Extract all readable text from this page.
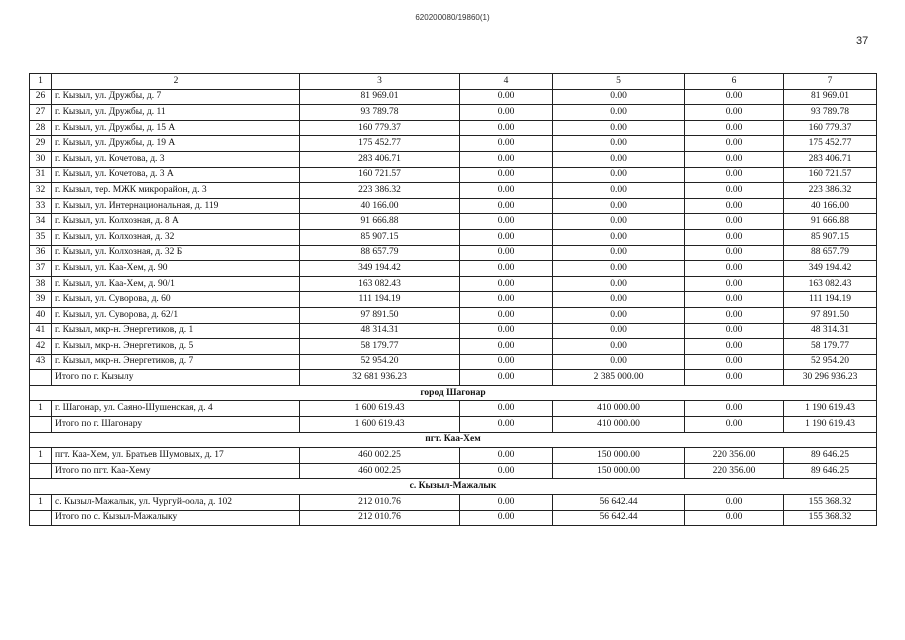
620200080/19860(1)
37
1	2	3	4	5	6	7
26	г. Кызыл, ул. Дружбы, д. 7	81 969.01	0.00	0.00	0.00	81 969.01
27	г. Кызыл, ул. Дружбы, д. 11	93 789.78	0.00	0.00	0.00	93 789.78
28	г. Кызыл, ул. Дружбы, д. 15 А	160 779.37	0.00	0.00	0.00	160 779.37
29	г. Кызыл, ул. Дружбы, д. 19 А	175 452.77	0.00	0.00	0.00	175 452.77
30	г. Кызыл, ул. Кочетова, д. 3	283 406.71	0.00	0.00	0.00	283 406.71
31	г. Кызыл, ул. Кочетова, д. 3 А	160 721.57	0.00	0.00	0.00	160 721.57
32	г. Кызыл, тер. МЖК микрорайон, д. 3	223 386.32	0.00	0.00	0.00	223 386.32
33	г. Кызыл, ул. Интернациональная, д. 119	40 166.00	0.00	0.00	0.00	40 166.00
34	г. Кызыл, ул. Колхозная, д. 8 А	91 666.88	0.00	0.00	0.00	91 666.88
35	г. Кызыл, ул. Колхозная, д. 32	85 907.15	0.00	0.00	0.00	85 907.15
36	г. Кызыл, ул. Колхозная, д. 32 Б	88 657.79	0.00	0.00	0.00	88 657.79
37	г. Кызыл, ул. Каа-Хем, д. 90	349 194.42	0.00	0.00	0.00	349 194.42
38	г. Кызыл, ул. Каа-Хем, д. 90/1	163 082.43	0.00	0.00	0.00	163 082.43
39	г. Кызыл, ул. Суворова, д. 60	111 194.19	0.00	0.00	0.00	111 194.19
40	г. Кызыл, ул. Суворова, д. 62/1	97 891.50	0.00	0.00	0.00	97 891.50
41	г. Кызыл, мкр-н. Энергетиков, д. 1	48 314.31	0.00	0.00	0.00	48 314.31
42	г. Кызыл, мкр-н. Энергетиков, д. 5	58 179.77	0.00	0.00	0.00	58 179.77
43	г. Кызыл, мкр-н. Энергетиков, д. 7	52 954.20	0.00	0.00	0.00	52 954.20
	Итого по г. Кызылу	32 681 936.23	0.00	2 385 000.00	0.00	30 296 936.23
город Шагонар						
1	г. Шагонар, ул. Саяно-Шушенская, д. 4	1 600 619.43	0.00	410 000.00	0.00	1 190 619.43
	Итого по г. Шагонару	1 600 619.43	0.00	410 000.00	0.00	1 190 619.43
пгт. Каа-Хем						
1	пгт. Каа-Хем, ул. Братьев Шумовых, д. 17	460 002.25	0.00	150 000.00	220 356.00	89 646.25
	Итого по пгт. Каа-Хему	460 002.25	0.00	150 000.00	220 356.00	89 646.25
с. Кызыл-Мажалык						
1	с. Кызыл-Мажалык, ул. Чургуй-оола, д. 102	212 010.76	0.00	56 642.44	0.00	155 368.32
	Итого по с. Кызыл-Мажалыку	212 010.76	0.00	56 642.44	0.00	155 368.32
